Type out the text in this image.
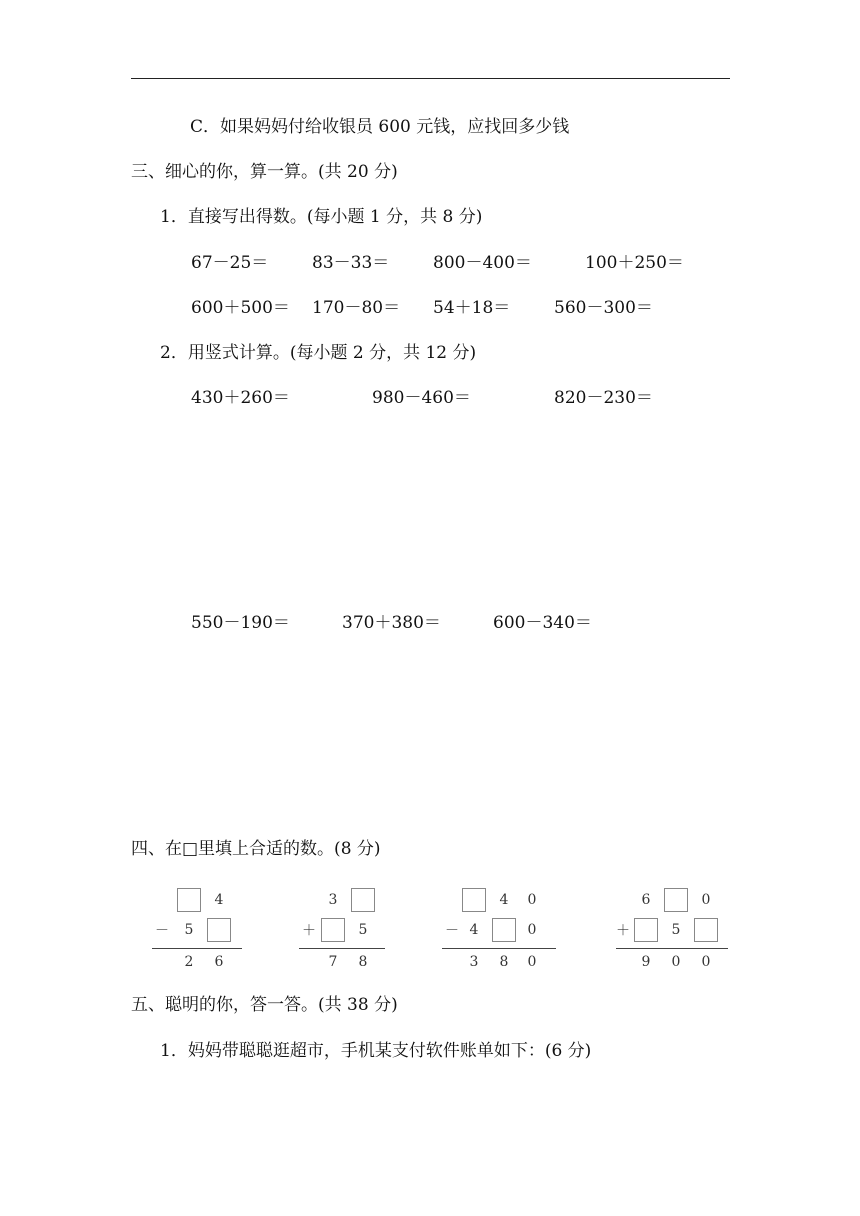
C．如果妈妈付给收银员 600 元钱，应找回多少钱
三、细心的你，算一算。(共 20 分)
1．直接写出得数。(每小题 1 分，共 8 分)
67－25＝	83－33＝	800－400＝	100＋250＝
600＋500＝ 170－80＝ 54＋18＝	560－300＝
2．用竖式计算。(每小题 2 分，共 12 分)
430＋260＝	980－460＝	820－230＝
550－190＝	370＋380＝	600－340＝
四、在□里填上合适的数。(8 分)
4
－	5
2	6
3
＋	5
7	8
4	0
－ 4	0
3	8	0
6	0
＋	5
9	0	0
五、聪明的你，答一答。(共 38 分)
1．妈妈带聪聪逛超市，手机某支付软件账单如下：(6 分)
